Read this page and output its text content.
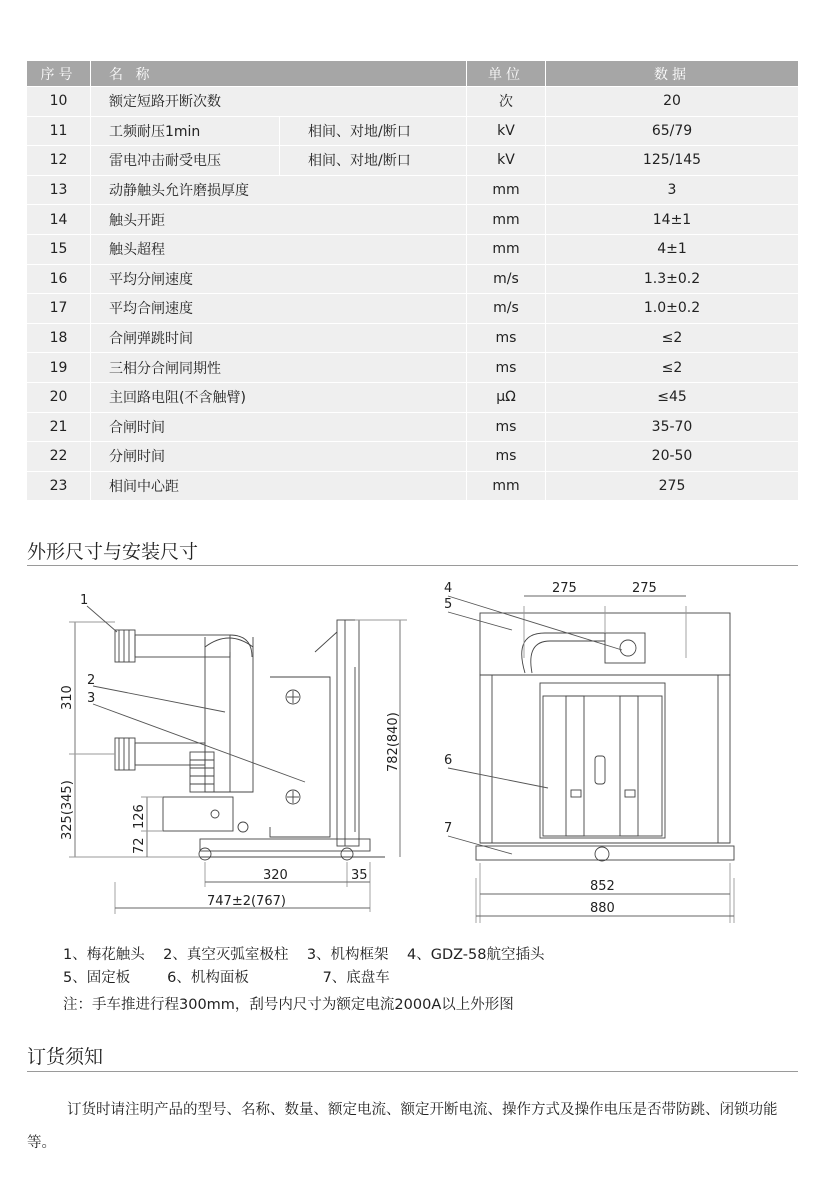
序号	名 称		单位	数据
10	额定短路开断次数		次	20
11	工频耐压1min	相间、对地/断口	kV	65/79
12	雷电冲击耐受电压	相间、对地/断口	kV	125/145
13	动静触头允许磨损厚度		mm	3
14	触头开距		mm	14±1
15	触头超程		mm	4±1
16	平均分闸速度		m/s	1.3±0.2
17	平均合闸速度		m/s	1.0±0.2
18	合闸弹跳时间		ms	≤2
19	三相分合闸同期性		ms	≤2
20	主回路电阻(不含触臂)		μΩ	≤45
21	合闸时间		ms	35-70
22	分闸时间		ms	20-50
23	相间中心距		mm	275
外形尺寸与安装尺寸
1
2
3
310
325(345)	126
72
782(840)
320	35
747±2(767)
4
5
6
7
275	275
852
880
1、梅花触头    2、真空灭弧室极柱    3、机构框架    4、GDZ-58航空插头
5、固定板        6、机构面板                7、底盘车
注：手车推进行程300mm，刮号内尺寸为额定电流2000A以上外形图
订货须知
订货时请注明产品的型号、名称、数量、额定电流、额定开断电流、操作方式及操作电压是否带防跳、闭锁功能等。
